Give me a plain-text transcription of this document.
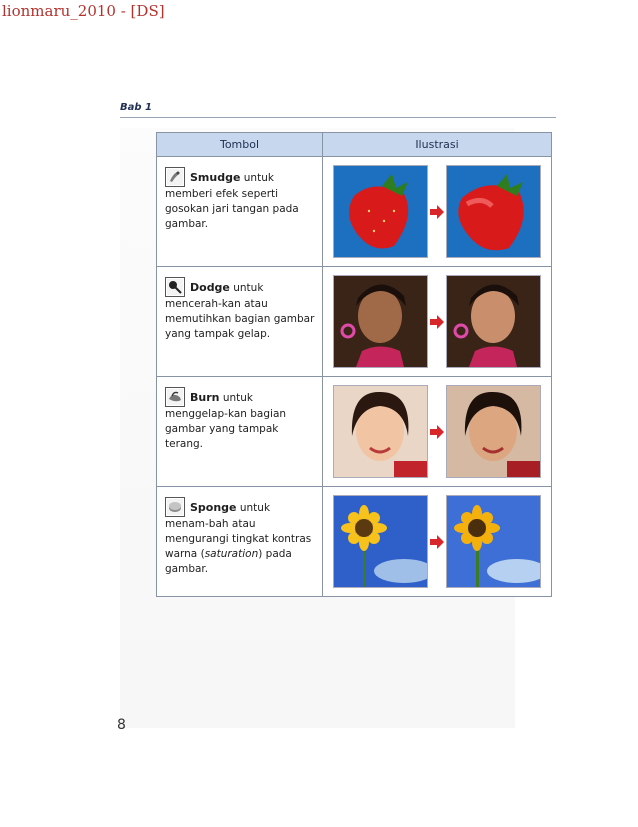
lionmaru_2010 - [DS]
Bab 1
Tombol	Ilustrasi
Smudge untuk memberi efek seperti gosokan jari tangan pada gambar.	

Dodge untuk mencerah-kan atau memutihkan bagian gambar yang tampak gelap.	

Burn untuk menggelap-kan bagian gambar yang tampak terang.	

Sponge untuk menam-bah atau mengurangi tingkat kontras warna (saturation) pada gambar.	
8
